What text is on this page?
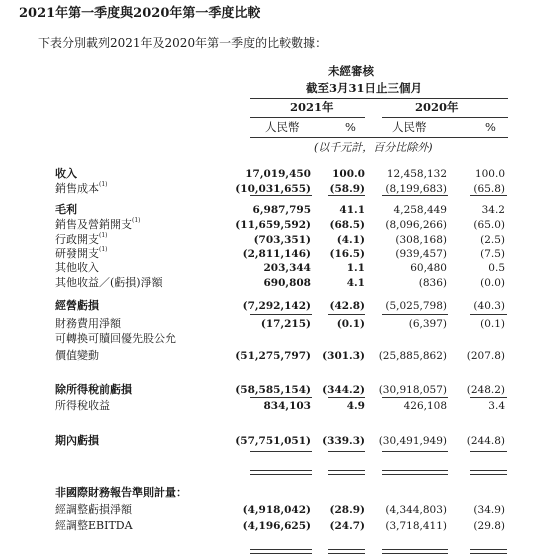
2021年第一季度與2020年第一季度比較
下表分別載列2021年及2020年第一季度的比較數據：
未經審核
截至3月31日止三個月
2021年	2020年
人民幣	%	人民幣	%
(以千元計，百分比除外)
收入	17,019,450 100.0 12,458,132	100.0
銷售成本$^{(1)}$	(10,031,655) (58.9) (8,199,683)	(65.8)
毛利	6,987,795	41.1	4,258,449	34.2
銷售及營銷開支$^{(1)}$	(11,659,592) (68.5) (8,096,266)	(65.0)
行政開支$^{(1)}$	(703,351) (4.1)	(308,168)	(2.5)
研發開支$^{(1)}$	(2,811,146) (16.5)	(939,457)	(7.5)
其他收入	203,344	1.1	60,480	0.5
其他收益／(虧損)淨額	690,808	4.1	(836)	(0.0)
經營虧損	(7,292,142) (42.8) (5,025,798)	(40.3)
財務費用淨額	(17,215) (0.1)	(6,397)	(0.1)
可轉換可贖回優先股公允
價值變動	(51,275,797) (301.3) (25,885,862) (207.8)
除所得稅前虧損	(58,585,154) (344.2) (30,918,057) (248.2)
所得稅收益	834,103	4.9	426,108	3.4
期內虧損	(57,751,051) (339.3) (30,491,949) (244.8)
非國際財務報告準則計量：
經調整虧損淨額	(4,918,042) (28.9) (4,344,803)	(34.9)
經調整EBITDA	(4,196,625) (24.7) (3,718,411)	(29.8)
